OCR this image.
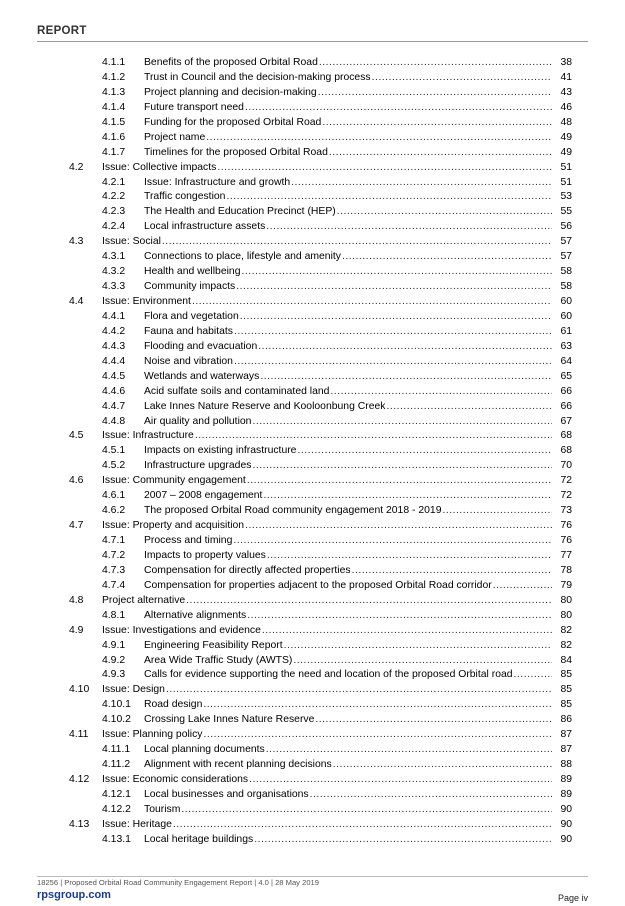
REPORT
4.1.1 Benefits of the proposed Orbital Road .....	38
4.1.2 Trust in Council and the decision-making process .....	41
4.1.3 Project planning and decision-making .....	43
4.1.4 Future transport need .....	46
4.1.5 Funding for the proposed Orbital Road .....	48
4.1.6 Project name .....	49
4.1.7 Timelines for the proposed Orbital Road .....	49
4.2 Issue: Collective impacts .....	51
4.2.1 Issue: Infrastructure and growth .....	51
4.2.2 Traffic congestion .....	53
4.2.3 The Health and Education Precinct (HEP) .....	55
4.2.4 Local infrastructure assets .....	56
4.3 Issue: Social .....	57
4.3.1 Connections to place, lifestyle and amenity .....	57
4.3.2 Health and wellbeing .....	58
4.3.3 Community impacts .....	58
4.4 Issue: Environment .....	60
4.4.1 Flora and vegetation .....	60
4.4.2 Fauna and habitats .....	61
4.4.3 Flooding and evacuation .....	63
4.4.4 Noise and vibration .....	64
4.4.5 Wetlands and waterways .....	65
4.4.6 Acid sulfate soils and contaminated land .....	66
4.4.7 Lake Innes Nature Reserve and Kooloonbung Creek .....	66
4.4.8 Air quality and pollution .....	67
4.5 Issue: Infrastructure .....	68
4.5.1 Impacts on existing infrastructure .....	68
4.5.2 Infrastructure upgrades .....	70
4.6 Issue: Community engagement .....	72
4.6.1 2007 – 2008 engagement .....	72
4.6.2 The proposed Orbital Road community engagement 2018 - 2019 .....	73
4.7 Issue: Property and acquisition .....	76
4.7.1 Process and timing .....	76
4.7.2 Impacts to property values .....	77
4.7.3 Compensation for directly affected properties .....	78
4.7.4 Compensation for properties adjacent to the proposed Orbital Road corridor .....	79
4.8 Project alternative .....	80
4.8.1 Alternative alignments .....	80
4.9 Issue: Investigations and evidence .....	82
4.9.1 Engineering Feasibility Report .....	82
4.9.2 Area Wide Traffic Study (AWTS) .....	84
4.9.3 Calls for evidence supporting the need and location of the proposed Orbital road .....	85
4.10 Issue: Design .....	85
4.10.1 Road design .....	85
4.10.2 Crossing Lake Innes Nature Reserve .....	86
4.11 Issue: Planning policy .....	87
4.11.1 Local planning documents .....	87
4.11.2 Alignment with recent planning decisions .....	88
4.12 Issue: Economic considerations .....	89
4.12.1 Local businesses and organisations .....	89
4.12.2 Tourism .....	90
4.13 Issue: Heritage .....	90
4.13.1 Local heritage buildings .....	90
18256 | Proposed Orbital Road Community Engagement Report | 4.0 | 28 May 2019
rpsgroup.com	Page iv
